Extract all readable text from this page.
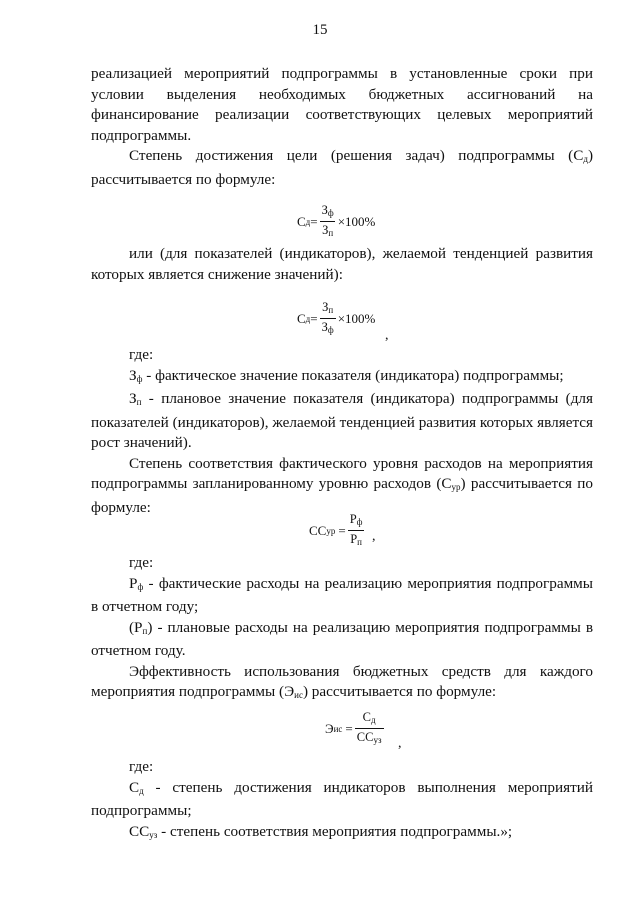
15

реализацией мероприятий подпрограммы в установленные сроки при условии выделения необходимых бюджетных ассигнований на финансирование реализации соответствующих целевых мероприятий подпрограммы.

Степень достижения цели (решения задач) подпрограммы $(С_д)$ рассчитывается по формуле:

С $д = \frac{З_ф}{З_п} \times 100\%$

или (для показателей (индикаторов), желаемой тенденцией развития которых является снижение значений):

С $д = \frac{З_п}{З_ф} \times 100\%$
,

где:

$З_ф$ - фактическое значение показателя (индикатора) подпрограммы;

$З_п$ - плановое значение показателя (индикатора) подпрограммы (для показателей (индикаторов), желаемой тенденцией развития которых является рост значений).

Степень соответствия фактического уровня расходов на мероприятия подпрограммы запланированному уровню расходов $(С_{ур})$ рассчитывается по формуле:

СС ур = $\frac{Р_ф}{Р_п}$ ,

где:

$Р_ф$ - фактические расходы на реализацию мероприятия подпрограммы в отчетном году;

$(Р_п)$ - плановые расходы на реализацию мероприятия подпрограммы в отчетном году.

Эффективность использования бюджетных средств для каждого мероприятия подпрограммы $(Э_{ис})$ рассчитывается по формуле:

Э ис = $\frac{С_д}{СС_{уз}}$ ,

где:

$С_д$ - степень достижения индикаторов выполнения мероприятий подпрограммы;

$СС_{уз}$ - степень соответствия мероприятия подпрограммы.»;
